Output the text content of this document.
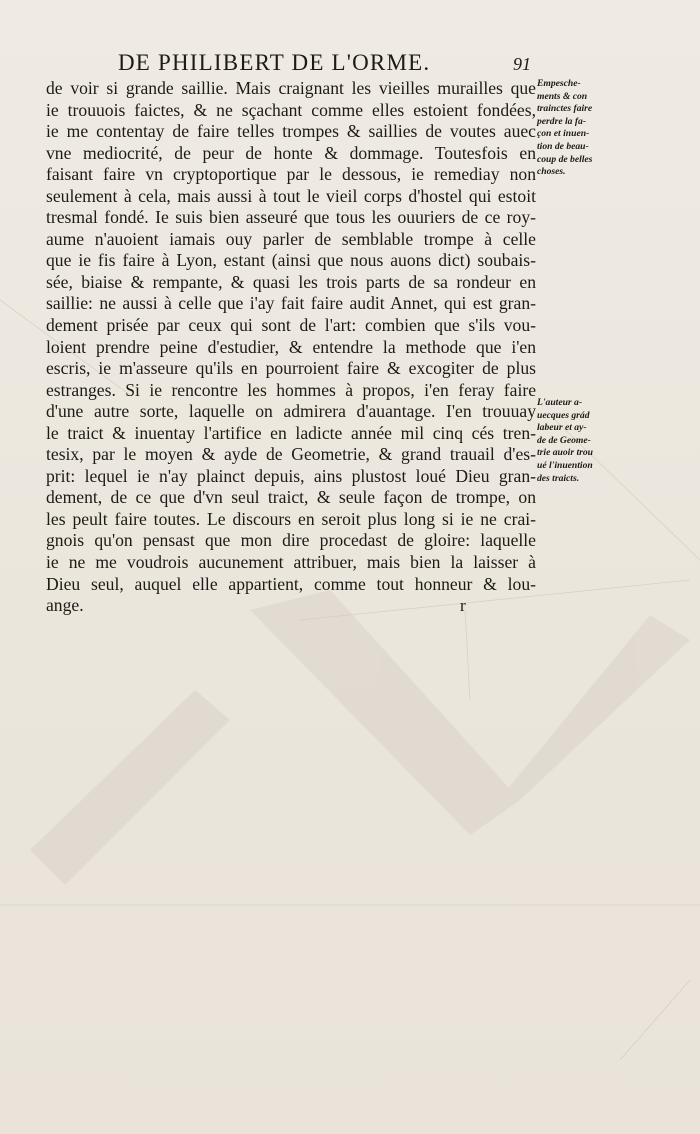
DE PHILIBERT DE L'ORME.	91
de voir si grande saillie. Mais craignant les vieilles murailles que
ie trouuois faictes, & ne sçachant comme elles estoient fondées,
ie me contentay de faire telles trompes & saillies de voutes auec
vne mediocrité, de peur de honte & dommage. Toutesfois en
faisant faire vn cryptoportique par le dessous, ie remediay non
seulement à cela, mais aussi à tout le vieil corps d'hostel qui estoit
tresmal fondé. Ie suis bien asseuré que tous les ouuriers de ce roy-
aume n'auoient iamais ouy parler de semblable trompe à celle
que ie fis faire à Lyon, estant (ainsi que nous auons dict) soubais-
sée, biaise & rempante, & quasi les trois parts de sa rondeur en
saillie: ne aussi à celle que i'ay fait faire audit Annet, qui est gran-
dement prisée par ceux qui sont de l'art: combien que s'ils vou-
loient prendre peine d'estudier, & entendre la methode que i'en
escris, ie m'asseure qu'ils en pourroient faire & excogiter de plus
estranges. Si ie rencontre les hommes à propos, i'en feray faire
d'une autre sorte, laquelle on admirera d'auantage. I'en trouuay
le traict & inuentay l'artifice en ladicte année mil cinq cés tren-
tesix, par le moyen & ayde de Geometrie, & grand trauail d'es-
prit: lequel ie n'ay plainct depuis, ains plustost loué Dieu gran-
dement, de ce que d'vn seul traict, & seule façon de trompe, on
les peult faire toutes. Le discours en seroit plus long si ie ne crai-
gnois qu'on pensast que mon dire procedast de gloire: laquelle
ie ne me voudrois aucunement attribuer, mais bien la laisser à
Dieu seul, auquel elle appartient, comme tout honneur & lou-
ange.
Empesche-
ments & con
trainctes faire
perdre la fa-
çon et inuen-
tion de beau-
coup de belles
choses.
L'auteur a-
uecques grád
labeur et ay-
de de Geome-
trie auoir trou
ué l'inuention
des traicts.
r
